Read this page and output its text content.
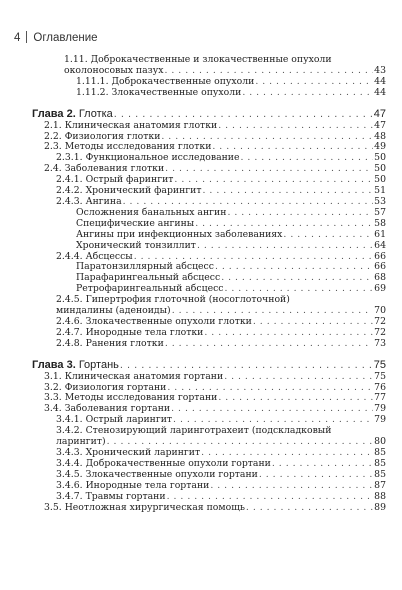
4 Оглавление
1.11. Доброкачественные и злокачественные опухоли
околоносовых пазух . . .	43
1.11.1. Доброкачественные опухоли . . .	44
1.11.2. Злокачественные опухоли . . .	44
Глава 2.
Глотка . . .	47
2.1. Клиническая анатомия глотки . . .	47
2.2. Физиология глотки . . .	48
2.3. Методы исследования глотки . . .	49
2.3.1. Функциональное исследование . . .	50
2.4. Заболевания глотки . . .	50
2.4.1. Острый фарингит . . .	50
2.4.2. Хронический фарингит . . .	51
2.4.3. Ангина . . .	53
Осложнения банальных ангин . . .	57
Специфические ангины . . .	58
Ангины при инфекционных заболеваниях . . .	61
Хронический тонзиллит . . .	64
2.4.4. Абсцессы . . .	66
Паратонзиллярный абсцесс . . .	66
Парафарингеальный абсцесс . . .	68
Ретрофарингеальный абсцесс . . .	69
2.4.5. Гипертрофия глоточной (носоглоточной)
миндалины (аденоиды) . . .	70
2.4.6. Злокачественные опухоли глотки . . .	72
2.4.7. Инородные тела глотки . . .	72
2.4.8. Ранения глотки . . .	73
Глава 3.
Гортань . . .	75
3.1. Клиническая анатомия гортани . . .	75
3.2. Физиология гортани . . .	76
3.3. Методы исследования гортани . . .	77
3.4. Заболевания гортани . . .	79
3.4.1. Острый ларингит . . .	79
3.4.2. Стенозирующий ларинготрахеит (подскладковый
ларингит) . . .	80
3.4.3. Хронический ларингит . . .	85
3.4.4. Доброкачественные опухоли гортани . . .	85
3.4.5. Злокачественные опухоли гортани . . .	85
3.4.6. Инородные тела гортани . . .	87
3.4.7. Травмы гортани . . .	88
3.5. Неотложная хирургическая помощь . . .	89
